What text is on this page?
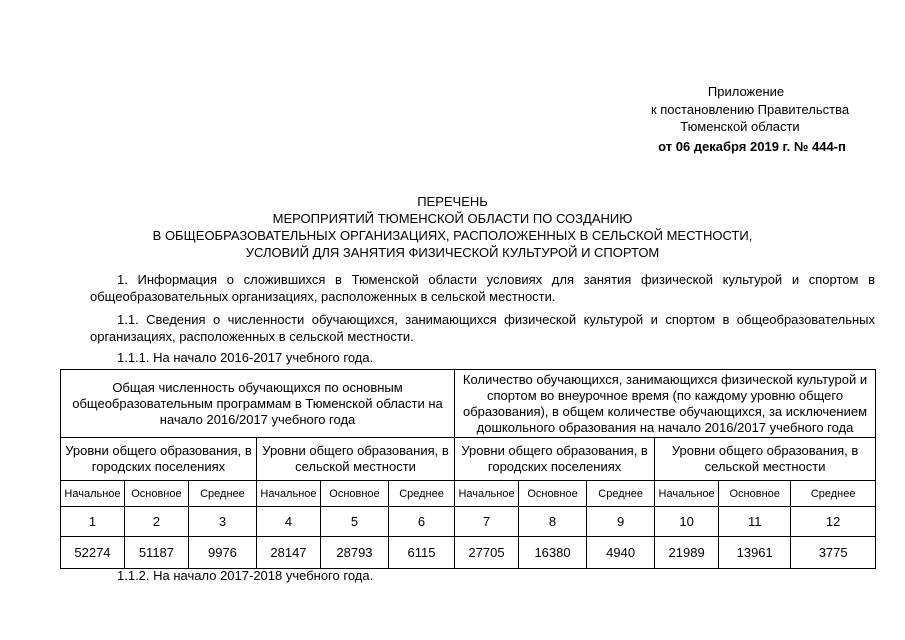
Приложение
к постановлению Правительства
Тюменской области
от 06 декабря 2019 г. № 444-п
ПЕРЕЧЕНЬ
МЕРОПРИЯТИЙ ТЮМЕНСКОЙ ОБЛАСТИ ПО СОЗДАНИЮ
В ОБЩЕОБРАЗОВАТЕЛЬНЫХ ОРГАНИЗАЦИЯХ, РАСПОЛОЖЕННЫХ В СЕЛЬСКОЙ МЕСТНОСТИ,
УСЛОВИЙ ДЛЯ ЗАНЯТИЯ ФИЗИЧЕСКОЙ КУЛЬТУРОЙ И СПОРТОМ
1. Информация о сложившихся в Тюменской области условиях для занятия физической культурой и спортом в общеобразовательных организациях, расположенных в сельской местности.
1.1. Сведения о численности обучающихся, занимающихся физической культурой и спортом в общеобразовательных организациях, расположенных в сельской местности.
1.1.1. На начало 2016-2017 учебного года.
Общая численность обучающихся по основным общеобразовательным программам в Тюменской области на начало 2016/2017 учебного года						Количество обучающихся, занимающихся физической культурой и спортом во внеурочное время (по каждому уровню общего образования), в общем количестве обучающихся, за исключением дошкольного образования на начало 2016/2017 учебного года					
Уровни общего образования, в городских поселениях			Уровни общего образования, в сельской местности			Уровни общего образования, в городских поселениях			Уровни общего образования, в сельской местности		
Начальное	Основное	Среднее	Начальное	Основное	Среднее	Начальное	Основное	Среднее	Начальное	Основное	Среднее
1	2	3	4	5	6	7	8	9	10	11	12
52274	51187	9976	28147	28793	6115	27705	16380	4940	21989	13961	3775
1.1.2. На начало 2017-2018 учебного года.
